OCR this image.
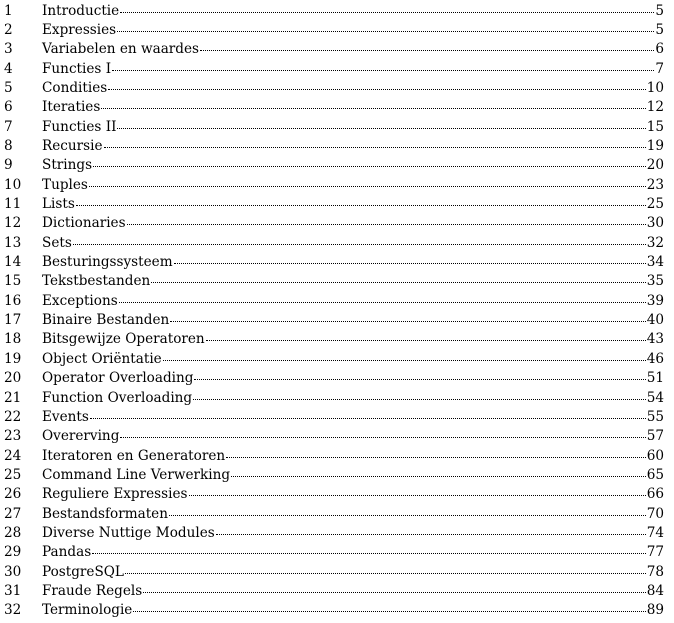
1	Introductie	5
2	Expressies	5
3	Variabelen en waardes	6
4	Functies I	7
5	Condities	10
6	Iteraties	12
7	Functies II	15
8	Recursie	19
9	Strings	20
10	Tuples	23
11	Lists	25
12	Dictionaries	30
13	Sets	32
14	Besturingssysteem	34
15	Tekstbestanden	35
16	Exceptions	39
17	Binaire Bestanden	40
18	Bitsgewijze Operatoren	43
19	Object Oriëntatie	46
20	Operator Overloading	51
21	Function Overloading	54
22	Events	55
23	Overerving	57
24	Iteratoren en Generatoren	60
25	Command Line Verwerking	65
26	Reguliere Expressies	66
27	Bestandsformaten	70
28	Diverse Nuttige Modules	74
29	Pandas	77
30	PostgreSQL	78
31	Fraude Regels	84
32	Terminologie	89
